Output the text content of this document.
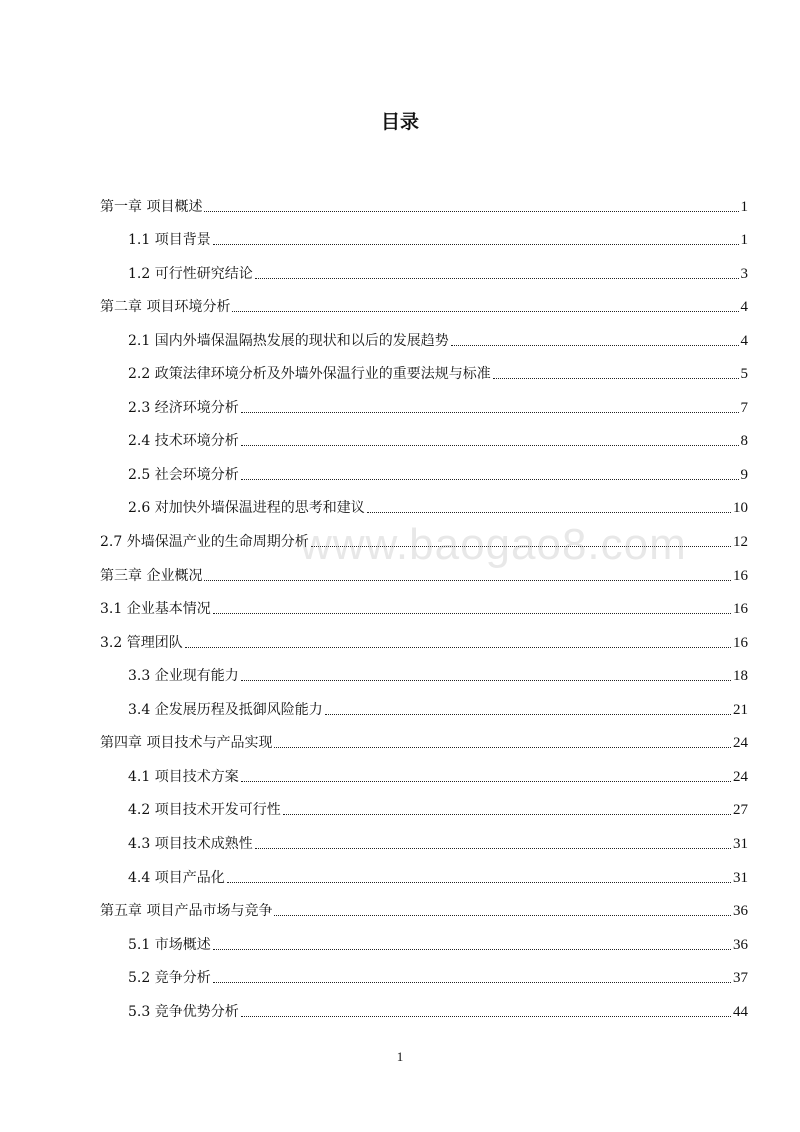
目录
第一章 项目概述	1
1.1 项目背景	1
1.2 可行性研究结论	3
第二章 项目环境分析	4
2.1 国内外墙保温隔热发展的现状和以后的发展趋势	4
2.2 政策法律环境分析及外墙外保温行业的重要法规与标准	5
2.3 经济环境分析	7
2.4 技术环境分析	8
2.5 社会环境分析	9
2.6 对加快外墙保温进程的思考和建议	10
2.7 外墙保温产业的生命周期分析	12
第三章 企业概况	16
3.1 企业基本情况	16
3.2 管理团队	16
3.3 企业现有能力	18
3.4 企发展历程及抵御风险能力	21
第四章 项目技术与产品实现	24
4.1 项目技术方案	24
4.2 项目技术开发可行性	27
4.3 项目技术成熟性	31
4.4 项目产品化	31
第五章 项目产品市场与竞争	36
5.1 市场概述	36
5.2 竞争分析	37
5.3 竞争优势分析	44
www.baogao8.com
1
